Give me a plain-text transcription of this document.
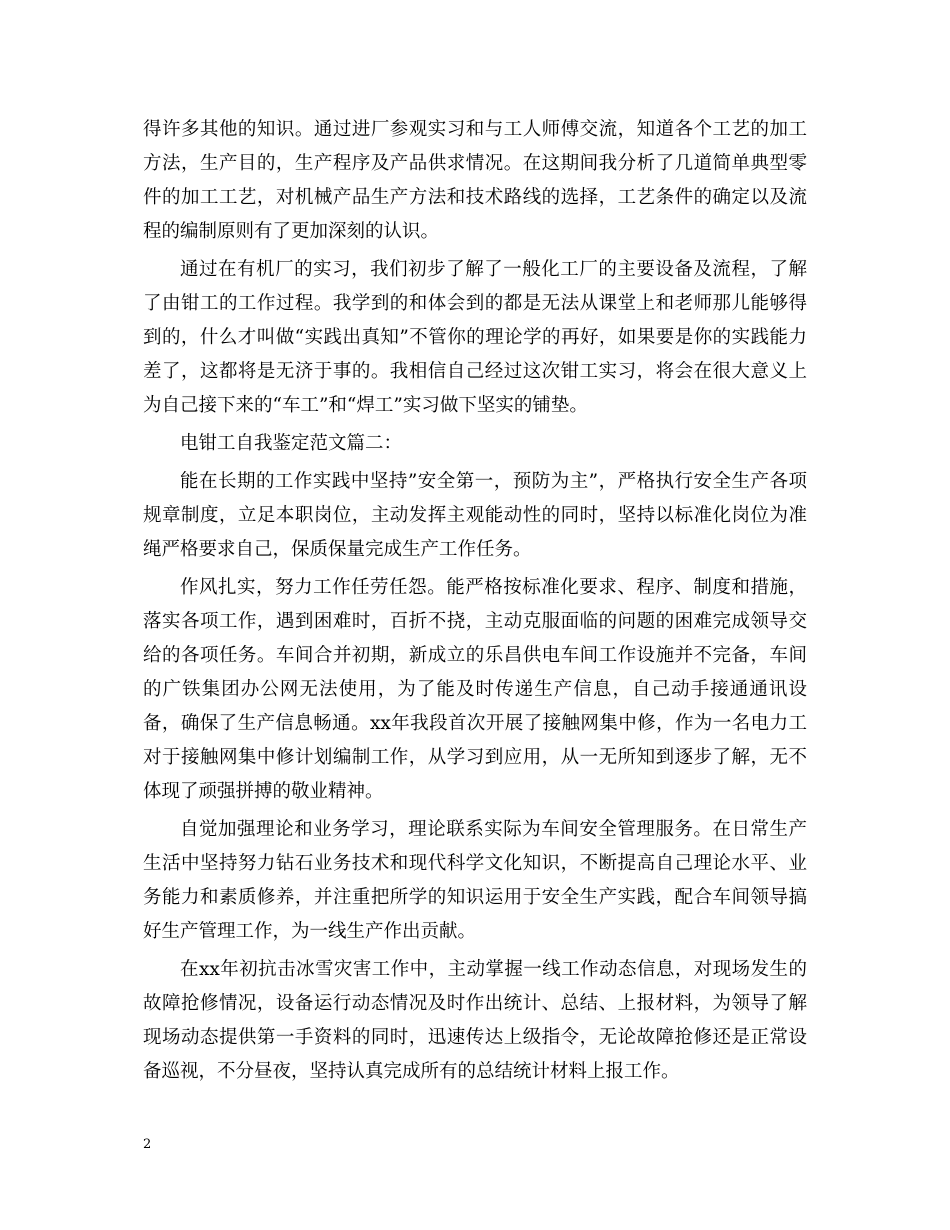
得许多其他的知识。通过进厂参观实习和与工人师傅交流，知道各个工艺的加工方法，生产目的，生产程序及产品供求情况。在这期间我分析了几道简单典型零件的加工工艺，对机械产品生产方法和技术路线的选择，工艺条件的确定以及流程的编制原则有了更加深刻的认识。

通过在有机厂的实习，我们初步了解了一般化工厂的主要设备及流程，了解了由钳工的工作过程。我学到的和体会到的都是无法从课堂上和老师那儿能够得到的，什么才叫做“实践出真知”不管你的理论学的再好，如果要是你的实践能力差了，这都将是无济于事的。我相信自己经过这次钳工实习，将会在很大意义上为自己接下来的“车工”和“焊工”实习做下坚实的铺垫。

电钳工自我鉴定范文篇二：

能在长期的工作实践中坚持”安全第一，预防为主”，严格执行安全生产各项规章制度，立足本职岗位，主动发挥主观能动性的同时，坚持以标准化岗位为准绳严格要求自己，保质保量完成生产工作任务。

作风扎实，努力工作任劳任怨。能严格按标准化要求、程序、制度和措施，落实各项工作，遇到困难时，百折不挠，主动克服面临的问题的困难完成领导交给的各项任务。车间合并初期，新成立的乐昌供电车间工作设施并不完备，车间的广铁集团办公网无法使用，为了能及时传递生产信息，自己动手接通通讯设备，确保了生产信息畅通。xx年我段首次开展了接触网集中修，作为一名电力工对于接触网集中修计划编制工作，从学习到应用，从一无所知到逐步了解，无不体现了顽强拼搏的敬业精神。

自觉加强理论和业务学习，理论联系实际为车间安全管理服务。在日常生产生活中坚持努力钻石业务技术和现代科学文化知识，不断提高自己理论水平、业务能力和素质修养，并注重把所学的知识运用于安全生产实践，配合车间领导搞好生产管理工作，为一线生产作出贡献。

在xx年初抗击冰雪灾害工作中，主动掌握一线工作动态信息，对现场发生的故障抢修情况，设备运行动态情况及时作出统计、总结、上报材料，为领导了解现场动态提供第一手资料的同时，迅速传达上级指令，无论故障抢修还是正常设备巡视，不分昼夜，坚持认真完成所有的总结统计材料上报工作。

2
